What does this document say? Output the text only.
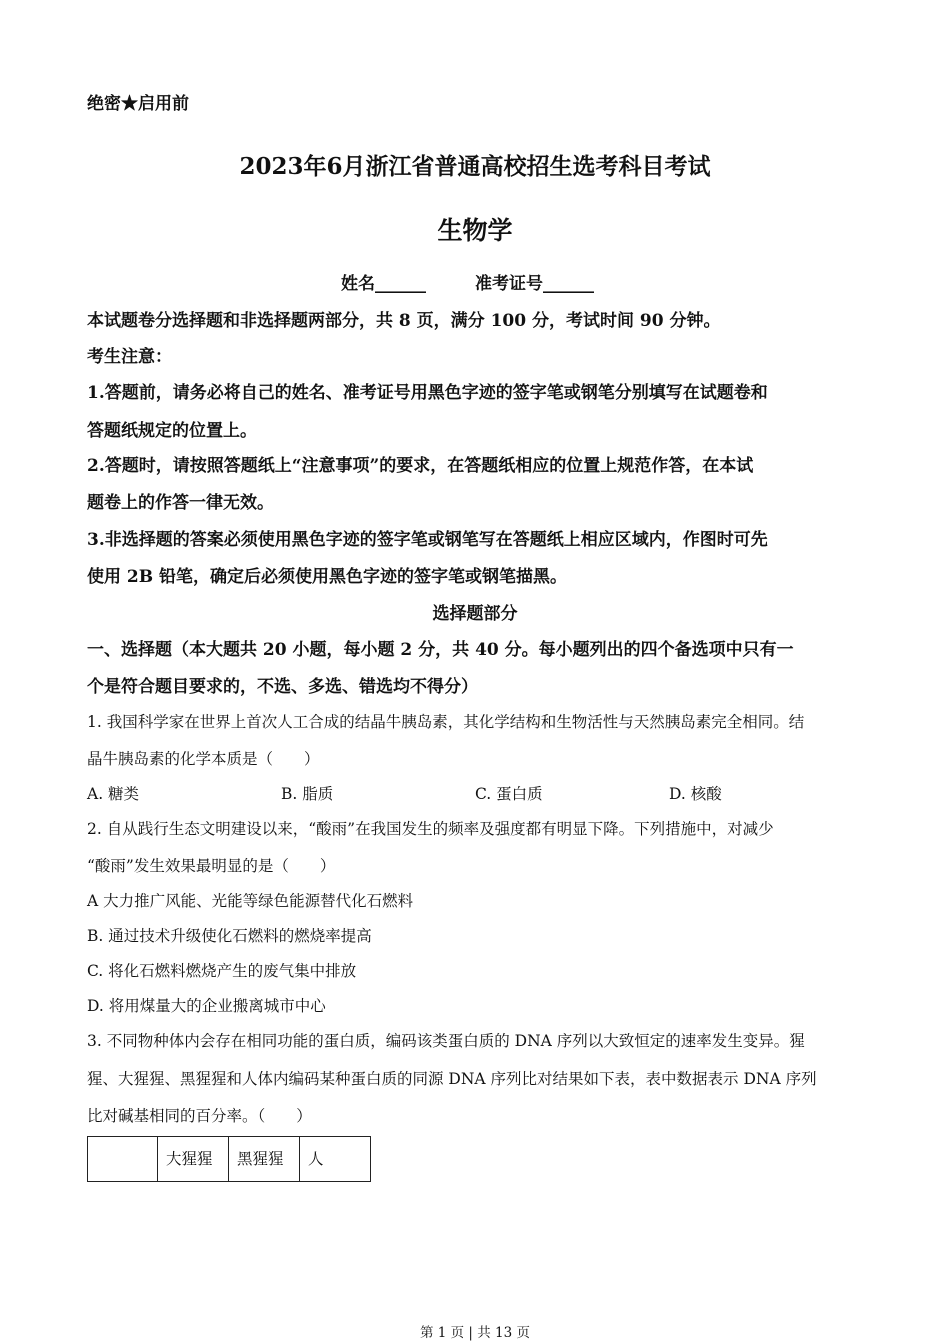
绝密★启用前
2023年6月浙江省普通高校招生选考科目考试
生物学
姓名______	准考证号______
本试题卷分选择题和非选择题两部分，共 8 页，满分 100 分，考试时间 90 分钟。
考生注意：
1.答题前，请务必将自己的姓名、准考证号用黑色字迹的签字笔或钢笔分别填写在试题卷和
答题纸规定的位置上。
2.答题时，请按照答题纸上“注意事项”的要求，在答题纸相应的位置上规范作答，在本试
题卷上的作答一律无效。
3.非选择题的答案必须使用黑色字迹的签字笔或钢笔写在答题纸上相应区域内，作图时可先
使用 2B 铅笔，确定后必须使用黑色字迹的签字笔或钢笔描黑。
选择题部分
一、选择题（本大题共 20 小题，每小题 2 分，共 40 分。每小题列出的四个备选项中只有一
个是符合题目要求的，不选、多选、错选均不得分）
1. 我国科学家在世界上首次人工合成的结晶牛胰岛素，其化学结构和生物活性与天然胰岛素完全相同。结
晶牛胰岛素的化学本质是（　　）
A. 糖类	B. 脂质	C. 蛋白质	D. 核酸
2. 自从践行生态文明建设以来，“酸雨”在我国发生的频率及强度都有明显下降。下列措施中，对减少
“酸雨”发生效果最明显的是（　　）
A 大力推广风能、光能等绿色能源替代化石燃料
B. 通过技术升级使化石燃料的燃烧率提高
C. 将化石燃料燃烧产生的废气集中排放
D. 将用煤量大的企业搬离城市中心
3. 不同物种体内会存在相同功能的蛋白质，编码该类蛋白质的 DNA 序列以大致恒定的速率发生变异。猩
猩、大猩猩、黑猩猩和人体内编码某种蛋白质的同源 DNA 序列比对结果如下表，表中数据表示 DNA 序列
比对碱基相同的百分率。（　　）
	大猩猩	黑猩猩	人
第 1 页 | 共 13 页
